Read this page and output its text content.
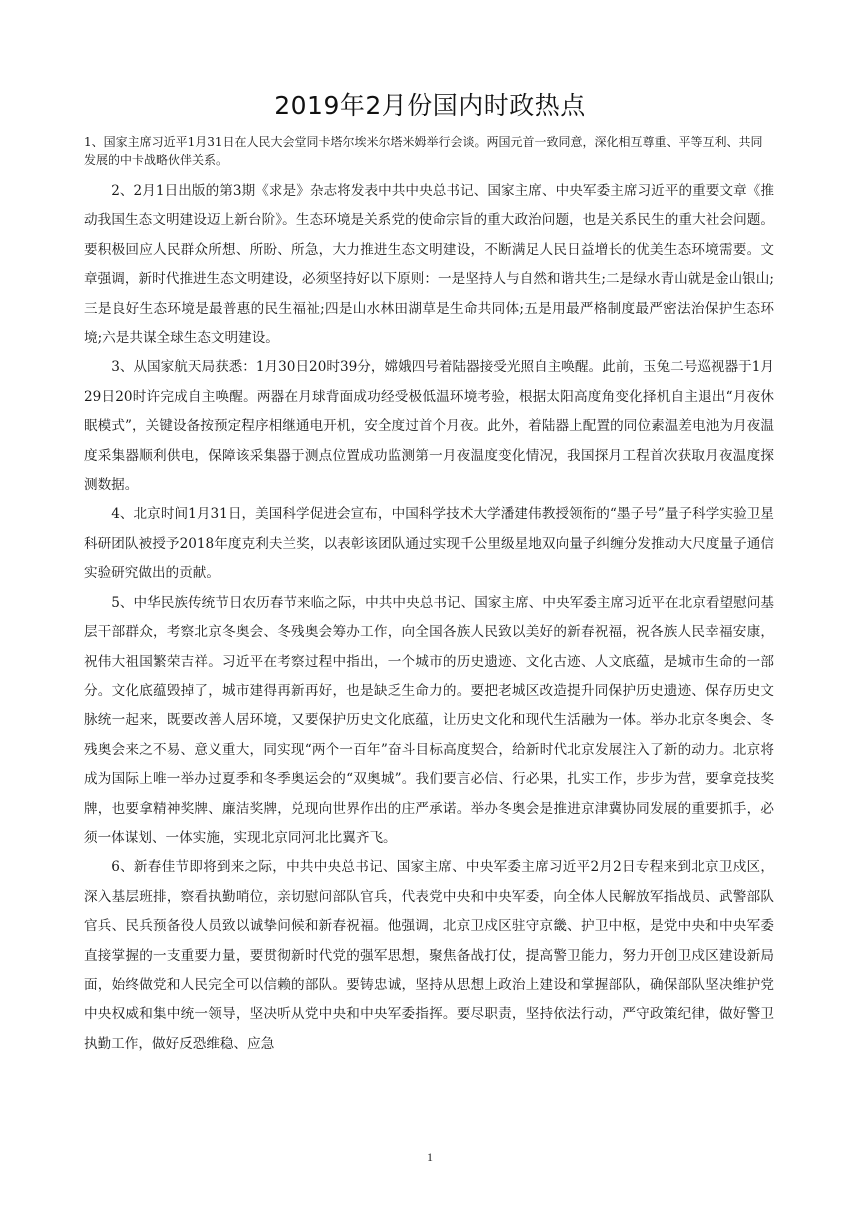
2019年2月份国内时政热点

1、国家主席习近平1月31日在人民大会堂同卡塔尔埃米尔塔米姆举行会谈。两国元首一致同意，深化相互尊重、平等互利、共同发展的中卡战略伙伴关系。

2、2月1日出版的第3期《求是》杂志将发表中共中央总书记、国家主席、中央军委主席习近平的重要文章《推动我国生态文明建设迈上新台阶》。生态环境是关系党的使命宗旨的重大政治问题，也是关系民生的重大社会问题。要积极回应人民群众所想、所盼、所急，大力推进生态文明建设，不断满足人民日益增长的优美生态环境需要。文章强调，新时代推进生态文明建设，必须坚持好以下原则：一是坚持人与自然和谐共生;二是绿水青山就是金山银山;三是良好生态环境是最普惠的民生福祉;四是山水林田湖草是生命共同体;五是用最严格制度最严密法治保护生态环境;六是共谋全球生态文明建设。

3、从国家航天局获悉：1月30日20时39分，嫦娥四号着陆器接受光照自主唤醒。此前，玉兔二号巡视器于1月29日20时许完成自主唤醒。两器在月球背面成功经受极低温环境考验，根据太阳高度角变化择机自主退出“月夜休眠模式”，关键设备按预定程序相继通电开机，安全度过首个月夜。此外，着陆器上配置的同位素温差电池为月夜温度采集器顺利供电，保障该采集器于测点位置成功监测第一月夜温度变化情况，我国探月工程首次获取月夜温度探测数据。

4、北京时间1月31日，美国科学促进会宣布，中国科学技术大学潘建伟教授领衔的“墨子号”量子科学实验卫星科研团队被授予2018年度克利夫兰奖，以表彰该团队通过实现千公里级星地双向量子纠缠分发推动大尺度量子通信实验研究做出的贡献。

5、中华民族传统节日农历春节来临之际，中共中央总书记、国家主席、中央军委主席习近平在北京看望慰问基层干部群众，考察北京冬奥会、冬残奥会筹办工作，向全国各族人民致以美好的新春祝福，祝各族人民幸福安康，祝伟大祖国繁荣吉祥。习近平在考察过程中指出，一个城市的历史遗迹、文化古迹、人文底蕴，是城市生命的一部分。文化底蕴毁掉了，城市建得再新再好，也是缺乏生命力的。要把老城区改造提升同保护历史遗迹、保存历史文脉统一起来，既要改善人居环境，又要保护历史文化底蕴，让历史文化和现代生活融为一体。举办北京冬奥会、冬残奥会来之不易、意义重大，同实现“两个一百年”奋斗目标高度契合，给新时代北京发展注入了新的动力。北京将成为国际上唯一举办过夏季和冬季奥运会的“双奥城”。我们要言必信、行必果，扎实工作，步步为营，要拿竞技奖牌，也要拿精神奖牌、廉洁奖牌，兑现向世界作出的庄严承诺。举办冬奥会是推进京津冀协同发展的重要抓手，必须一体谋划、一体实施，实现北京同河北比翼齐飞。

6、新春佳节即将到来之际，中共中央总书记、国家主席、中央军委主席习近平2月2日专程来到北京卫戍区，深入基层班排，察看执勤哨位，亲切慰问部队官兵，代表党中央和中央军委，向全体人民解放军指战员、武警部队官兵、民兵预备役人员致以诚挚问候和新春祝福。他强调，北京卫戍区驻守京畿、护卫中枢，是党中央和中央军委直接掌握的一支重要力量，要贯彻新时代党的强军思想，聚焦备战打仗，提高警卫能力，努力开创卫戍区建设新局面，始终做党和人民完全可以信赖的部队。要铸忠诚，坚持从思想上政治上建设和掌握部队，确保部队坚决维护党中央权威和集中统一领导，坚决听从党中央和中央军委指挥。要尽职责，坚持依法行动，严守政策纪律，做好警卫执勤工作，做好反恐维稳、应急

1
